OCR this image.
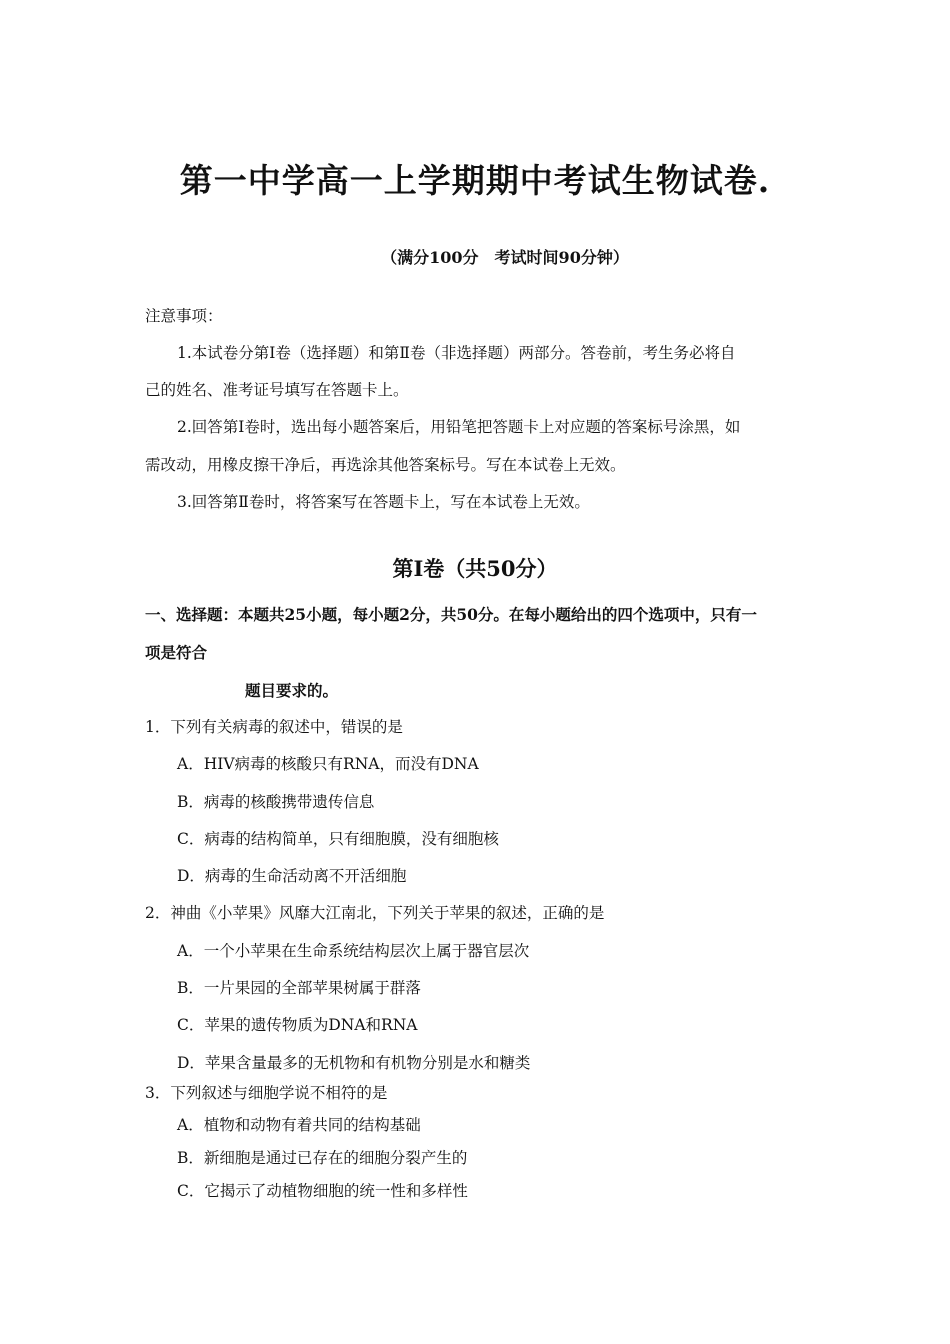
第一中学高一上学期期中考试生物试卷.
（满分100分　考试时间90分钟）
注意事项：
1.本试卷分第I卷（选择题）和第Ⅱ卷（非选择题）两部分。答卷前，考生务必将自
己的姓名、准考证号填写在答题卡上。
2.回答第I卷时，选出每小题答案后，用铅笔把答题卡上对应题的答案标号涂黑，如
需改动，用橡皮擦干净后，再选涂其他答案标号。写在本试卷上无效。
3.回答第Ⅱ卷时，将答案写在答题卡上，写在本试卷上无效。
第I卷（共50分）
一、选择题：本题共25小题，每小题2分，共50分。在每小题给出的四个选项中，只有一
项是符合
题目要求的。
1．下列有关病毒的叙述中，错误的是
A．HIV病毒的核酸只有RNA，而没有DNA
B．病毒的核酸携带遗传信息
C．病毒的结构简单，只有细胞膜，没有细胞核
D．病毒的生命活动离不开活细胞
2．神曲《小苹果》风靡大江南北，下列关于苹果的叙述，正确的是
A．一个小苹果在生命系统结构层次上属于器官层次
B．一片果园的全部苹果树属于群落
C．苹果的遗传物质为DNA和RNA
D．苹果含量最多的无机物和有机物分别是水和糖类
3．下列叙述与细胞学说不相符的是
A．植物和动物有着共同的结构基础
B．新细胞是通过已存在的细胞分裂产生的
C．它揭示了动植物细胞的统一性和多样性
